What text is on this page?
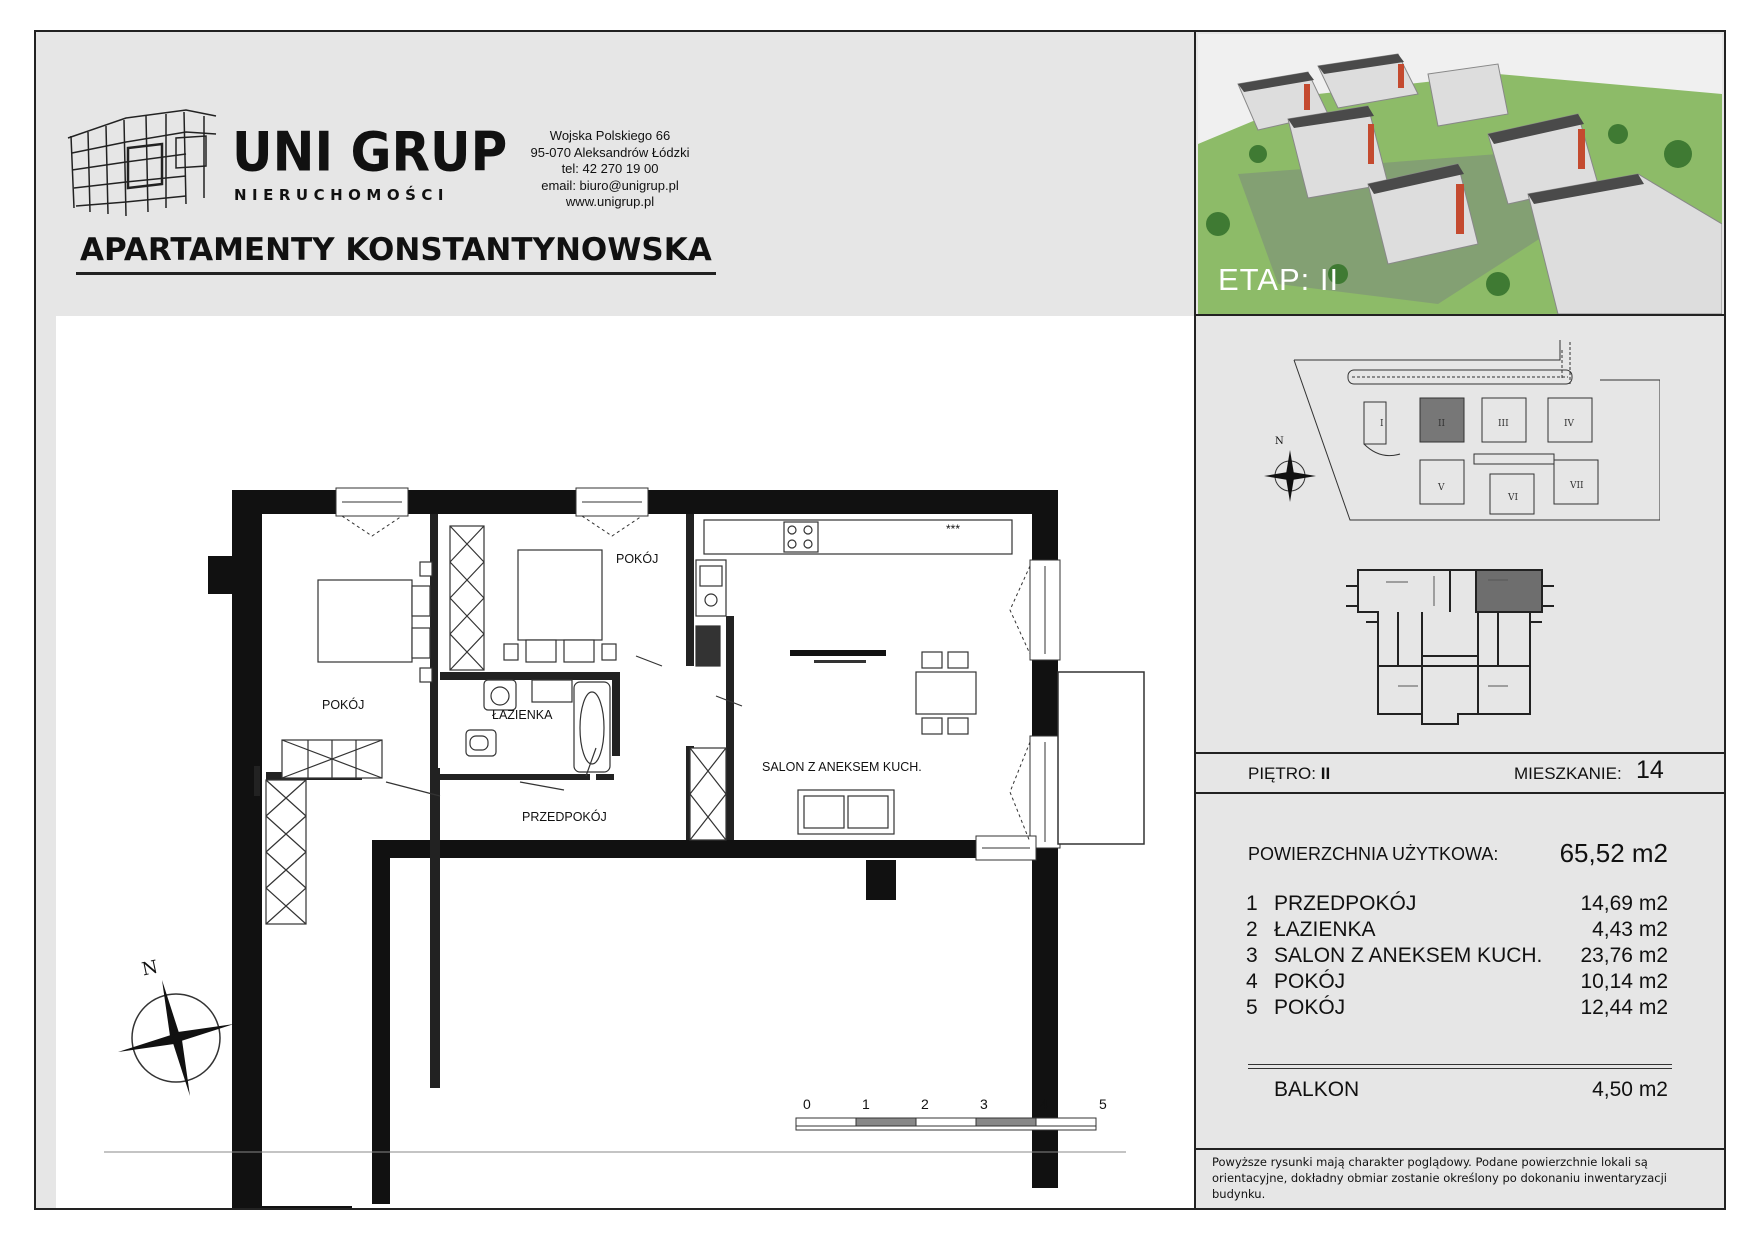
UNI GRUP
NIERUCHOMOŚCI
Wojska Polskiego 66
95-070 Aleksandrów Łódzki
tel: 42 270 19 00
email: biuro@unigrup.pl
www.unigrup.pl
APARTAMENTY KONSTANTYNOWSKA
ETAP: II
I	II	III	IV
V
VI
VII
N
PIĘTRO: II	MIESZKANIE: 14
POWIERZCHNIA UŻYTKOWA:	65,52 m2
1 PRZEDPOKÓJ	14,69 m2
2 ŁAZIENKA	4,43 m2
3 SALON Z ANEKSEM KUCH.	23,76 m2
4 POKÓJ	10,14 m2
5 POKÓJ	12,44 m2
BALKON	4,50 m2
Powyższe rysunki mają charakter poglądowy. Podane powierzchnie lokali są orientacyjne, dokładny obmiar zostanie określony po dokonaniu inwentaryzacji budynku.
POKÓJ
POKÓJ
ŁAZIENKA
PRZEDPOKÓJ
SALON Z ANEKSEM KUCH.
***
N
0	1	2	3	4	5
